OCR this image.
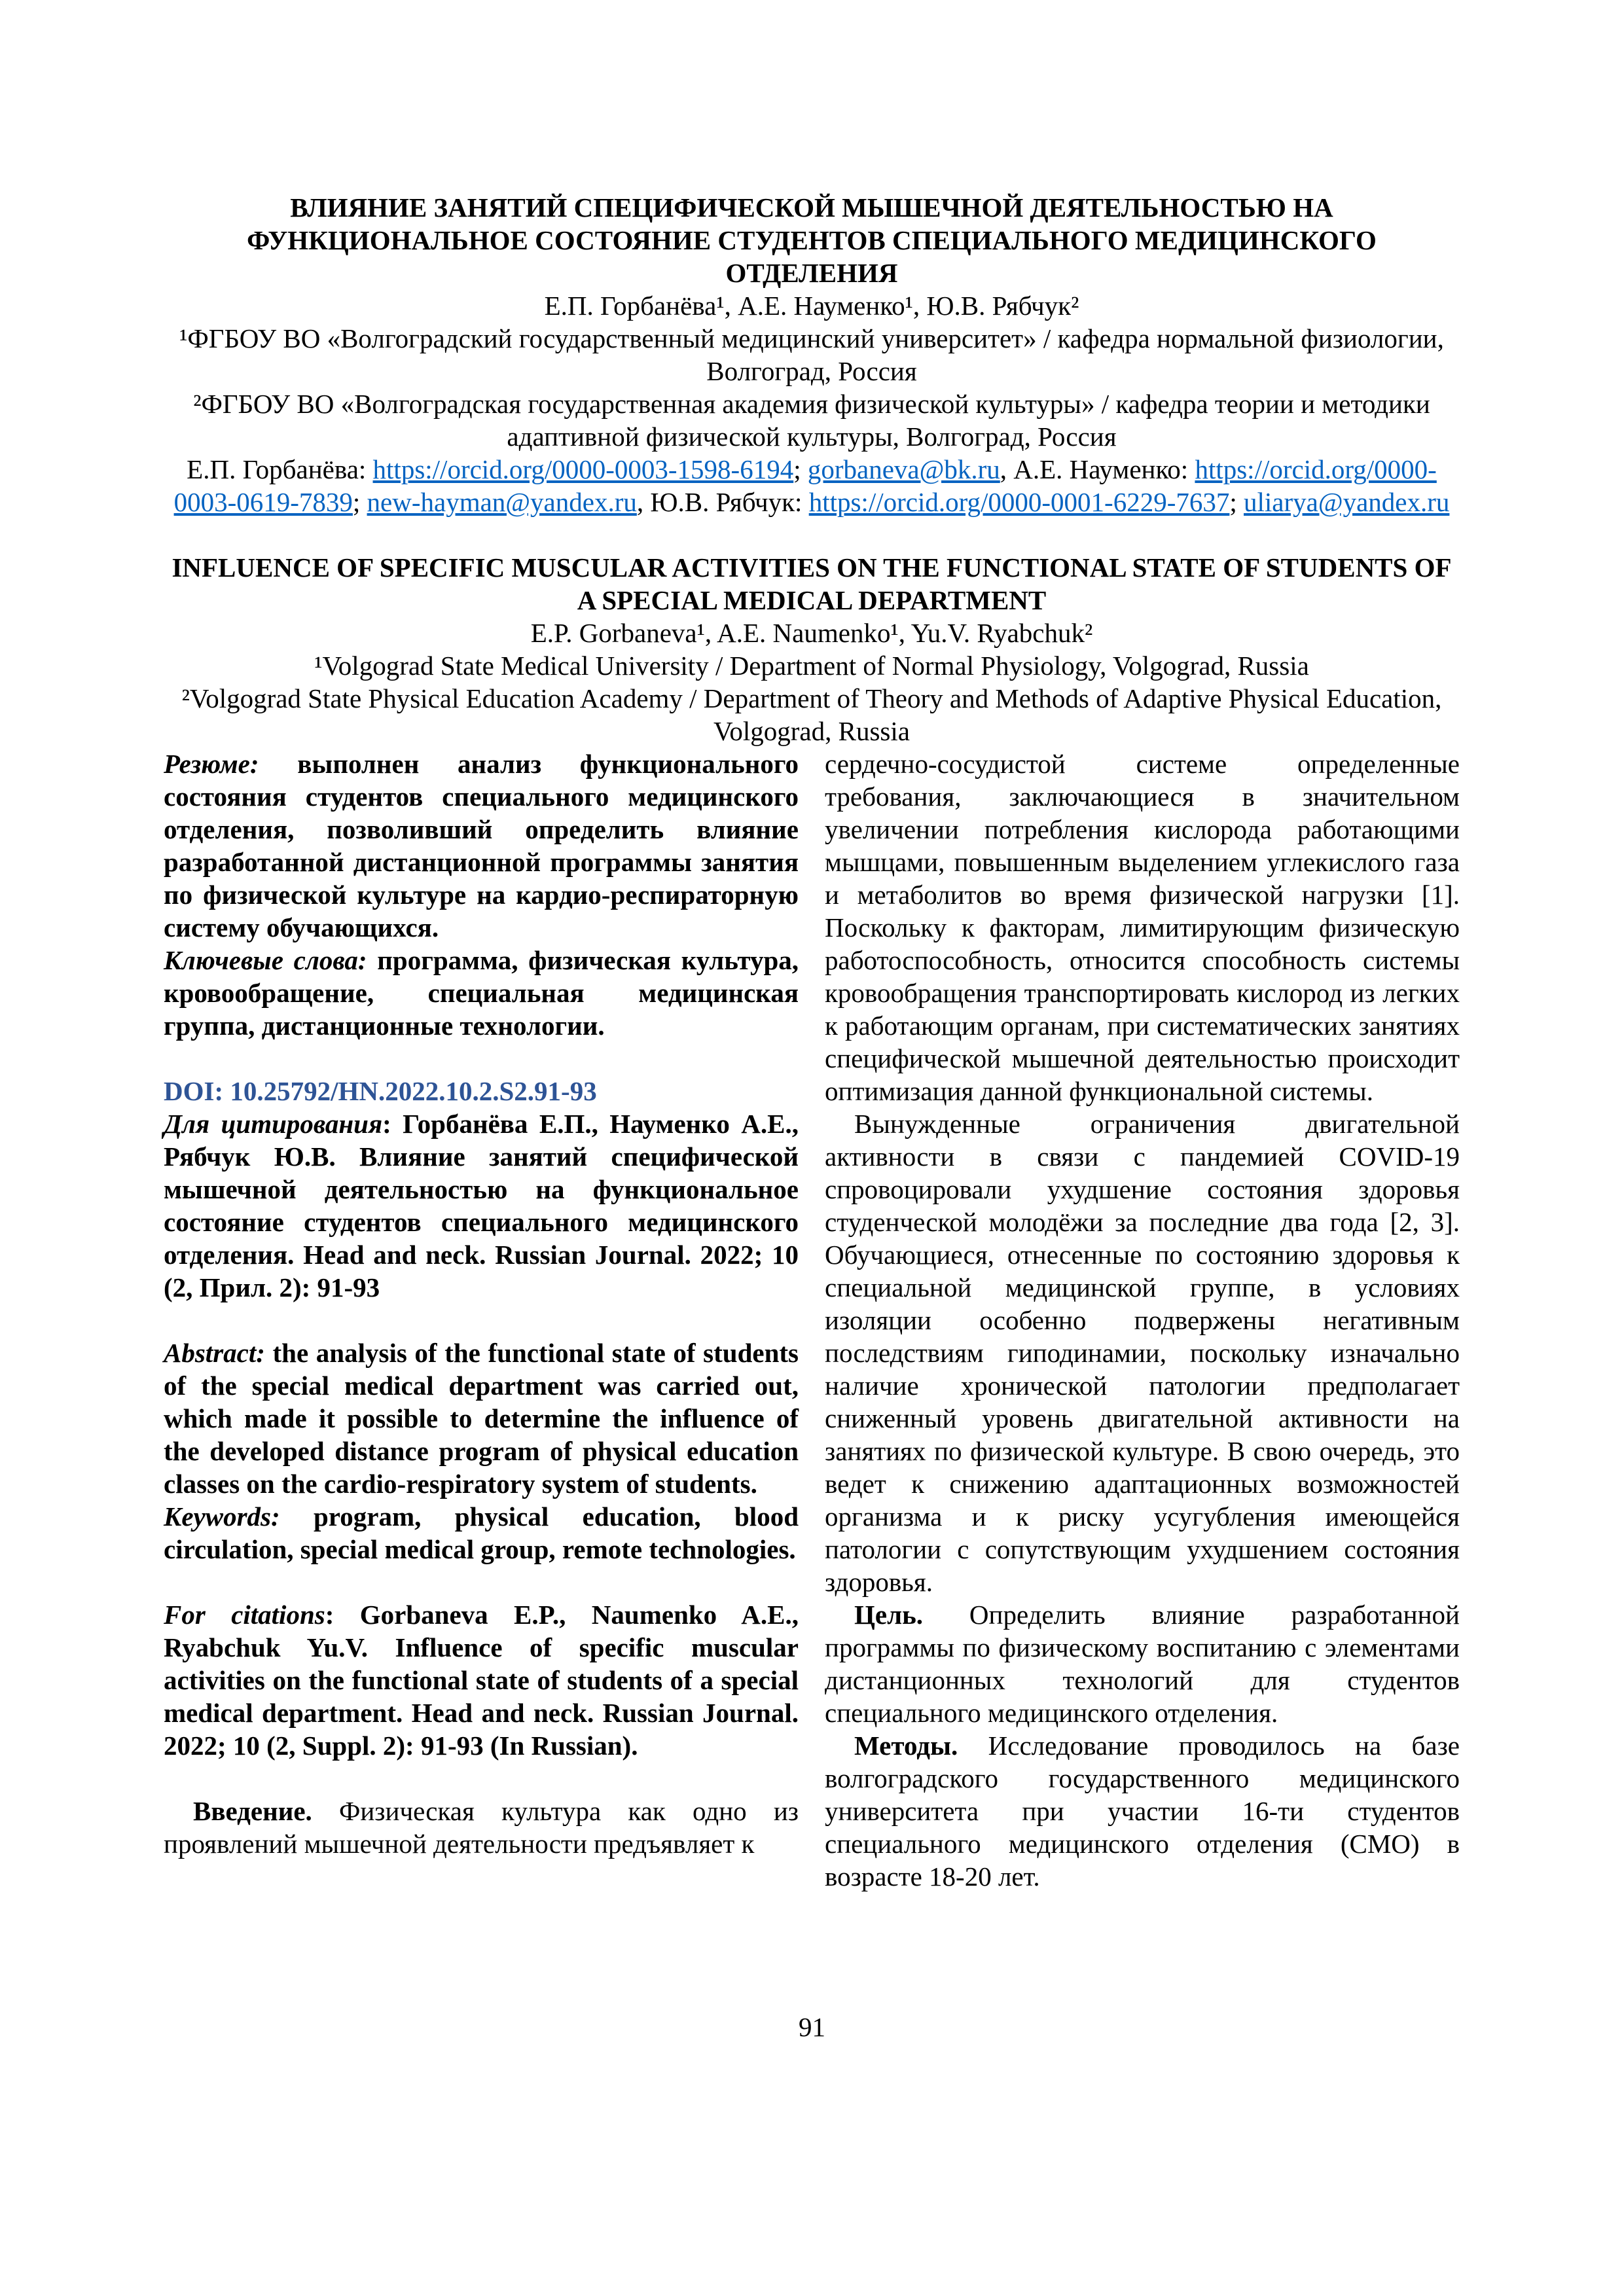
ВЛИЯНИЕ ЗАНЯТИЙ СПЕЦИФИЧЕСКОЙ МЫШЕЧНОЙ ДЕЯТЕЛЬНОСТЬЮ НА ФУНКЦИОНАЛЬНОЕ СОСТОЯНИЕ СТУДЕНТОВ СПЕЦИАЛЬНОГО МЕДИЦИНСКОГО ОТДЕЛЕНИЯ
Е.П. Горбанёва¹, А.Е. Науменко¹, Ю.В. Рябчук²
¹ФГБОУ ВО «Волгоградский государственный медицинский университет» / кафедра нормальной физиологии, Волгоград, Россия
²ФГБОУ ВО «Волгоградская государственная академия физической культуры» / кафедра теории и методики адаптивной физической культуры, Волгоград, Россия
Е.П. Горбанёва: https://orcid.org/0000-0003-1598-6194; gorbaneva@bk.ru, А.Е. Науменко: https://orcid.org/0000-0003-0619-7839; new-hayman@yandex.ru, Ю.В. Рябчук: https://orcid.org/0000-0001-6229-7637; uliarya@yandex.ru
INFLUENCE OF SPECIFIC MUSCULAR ACTIVITIES ON THE FUNCTIONAL STATE OF STUDENTS OF A SPECIAL MEDICAL DEPARTMENT
E.P. Gorbaneva¹, A.E. Naumenko¹, Yu.V. Ryabchuk²
¹Volgograd State Medical University / Department of Normal Physiology, Volgograd, Russia
²Volgograd State Physical Education Academy / Department of Theory and Methods of Adaptive Physical Education, Volgograd, Russia

Резюме: выполнен анализ функционального состояния студентов специального медицинского отделения, позволивший определить влияние разработанной дистанционной программы занятия по физической культуре на кардио-респираторную систему обучающихся.

Ключевые слова: программа, физическая культура, кровообращение, специальная медицинская группа, дистанционные технологии.

DOI: 10.25792/HN.2022.10.2.S2.91-93

Для цитирования: Горбанёва Е.П., Науменко А.Е., Рябчук Ю.В. Влияние занятий специфической мышечной деятельностью на функциональное состояние студентов специального медицинского отделения. Head and neck. Russian Journal. 2022; 10 (2, Прил. 2): 91-93

Abstract: the analysis of the functional state of students of the special medical department was carried out, which made it possible to determine the influence of the developed distance program of physical education classes on the cardio-respiratory system of students.

Keywords: program, physical education, blood circulation, special medical group, remote technologies.

For citations: Gorbaneva E.P., Naumenko A.E., Ryabchuk Yu.V. Influence of specific muscular activities on the functional state of students of a special medical department. Head and neck. Russian Journal. 2022; 10 (2, Suppl. 2): 91-93 (In Russian).

Введение. Физическая культура как одно из проявлений мышечной деятельности предъявляет к

сердечно-сосудистой системе определенные требования, заключающиеся в значительном увеличении потребления кислорода работающими мышцами, повышенным выделением углекислого газа и метаболитов во время физической нагрузки [1]. Поскольку к факторам, лимитирующим физическую работоспособность, относится способность системы кровообращения транспортировать кислород из легких к работающим органам, при систематических занятиях специфической мышечной деятельностью происходит оптимизация данной функциональной системы.

Вынужденные ограничения двигательной активности в связи с пандемией COVID-19 спровоцировали ухудшение состояния здоровья студенческой молодёжи за последние два года [2, 3]. Обучающиеся, отнесенные по состоянию здоровья к специальной медицинской группе, в условиях изоляции особенно подвержены негативным последствиям гиподинамии, поскольку изначально наличие хронической патологии предполагает сниженный уровень двигательной активности на занятиях по физической культуре. В свою очередь, это ведет к снижению адаптационных возможностей организма и к риску усугубления имеющейся патологии с сопутствующим ухудшением состояния здоровья.

Цель. Определить влияние разработанной программы по физическому воспитанию с элементами дистанционных технологий для студентов специального медицинского отделения.

Методы. Исследование проводилось на базе волгоградского государственного медицинского университета при участии 16-ти студентов специального медицинского отделения (СМО) в возрасте 18-20 лет.

91
